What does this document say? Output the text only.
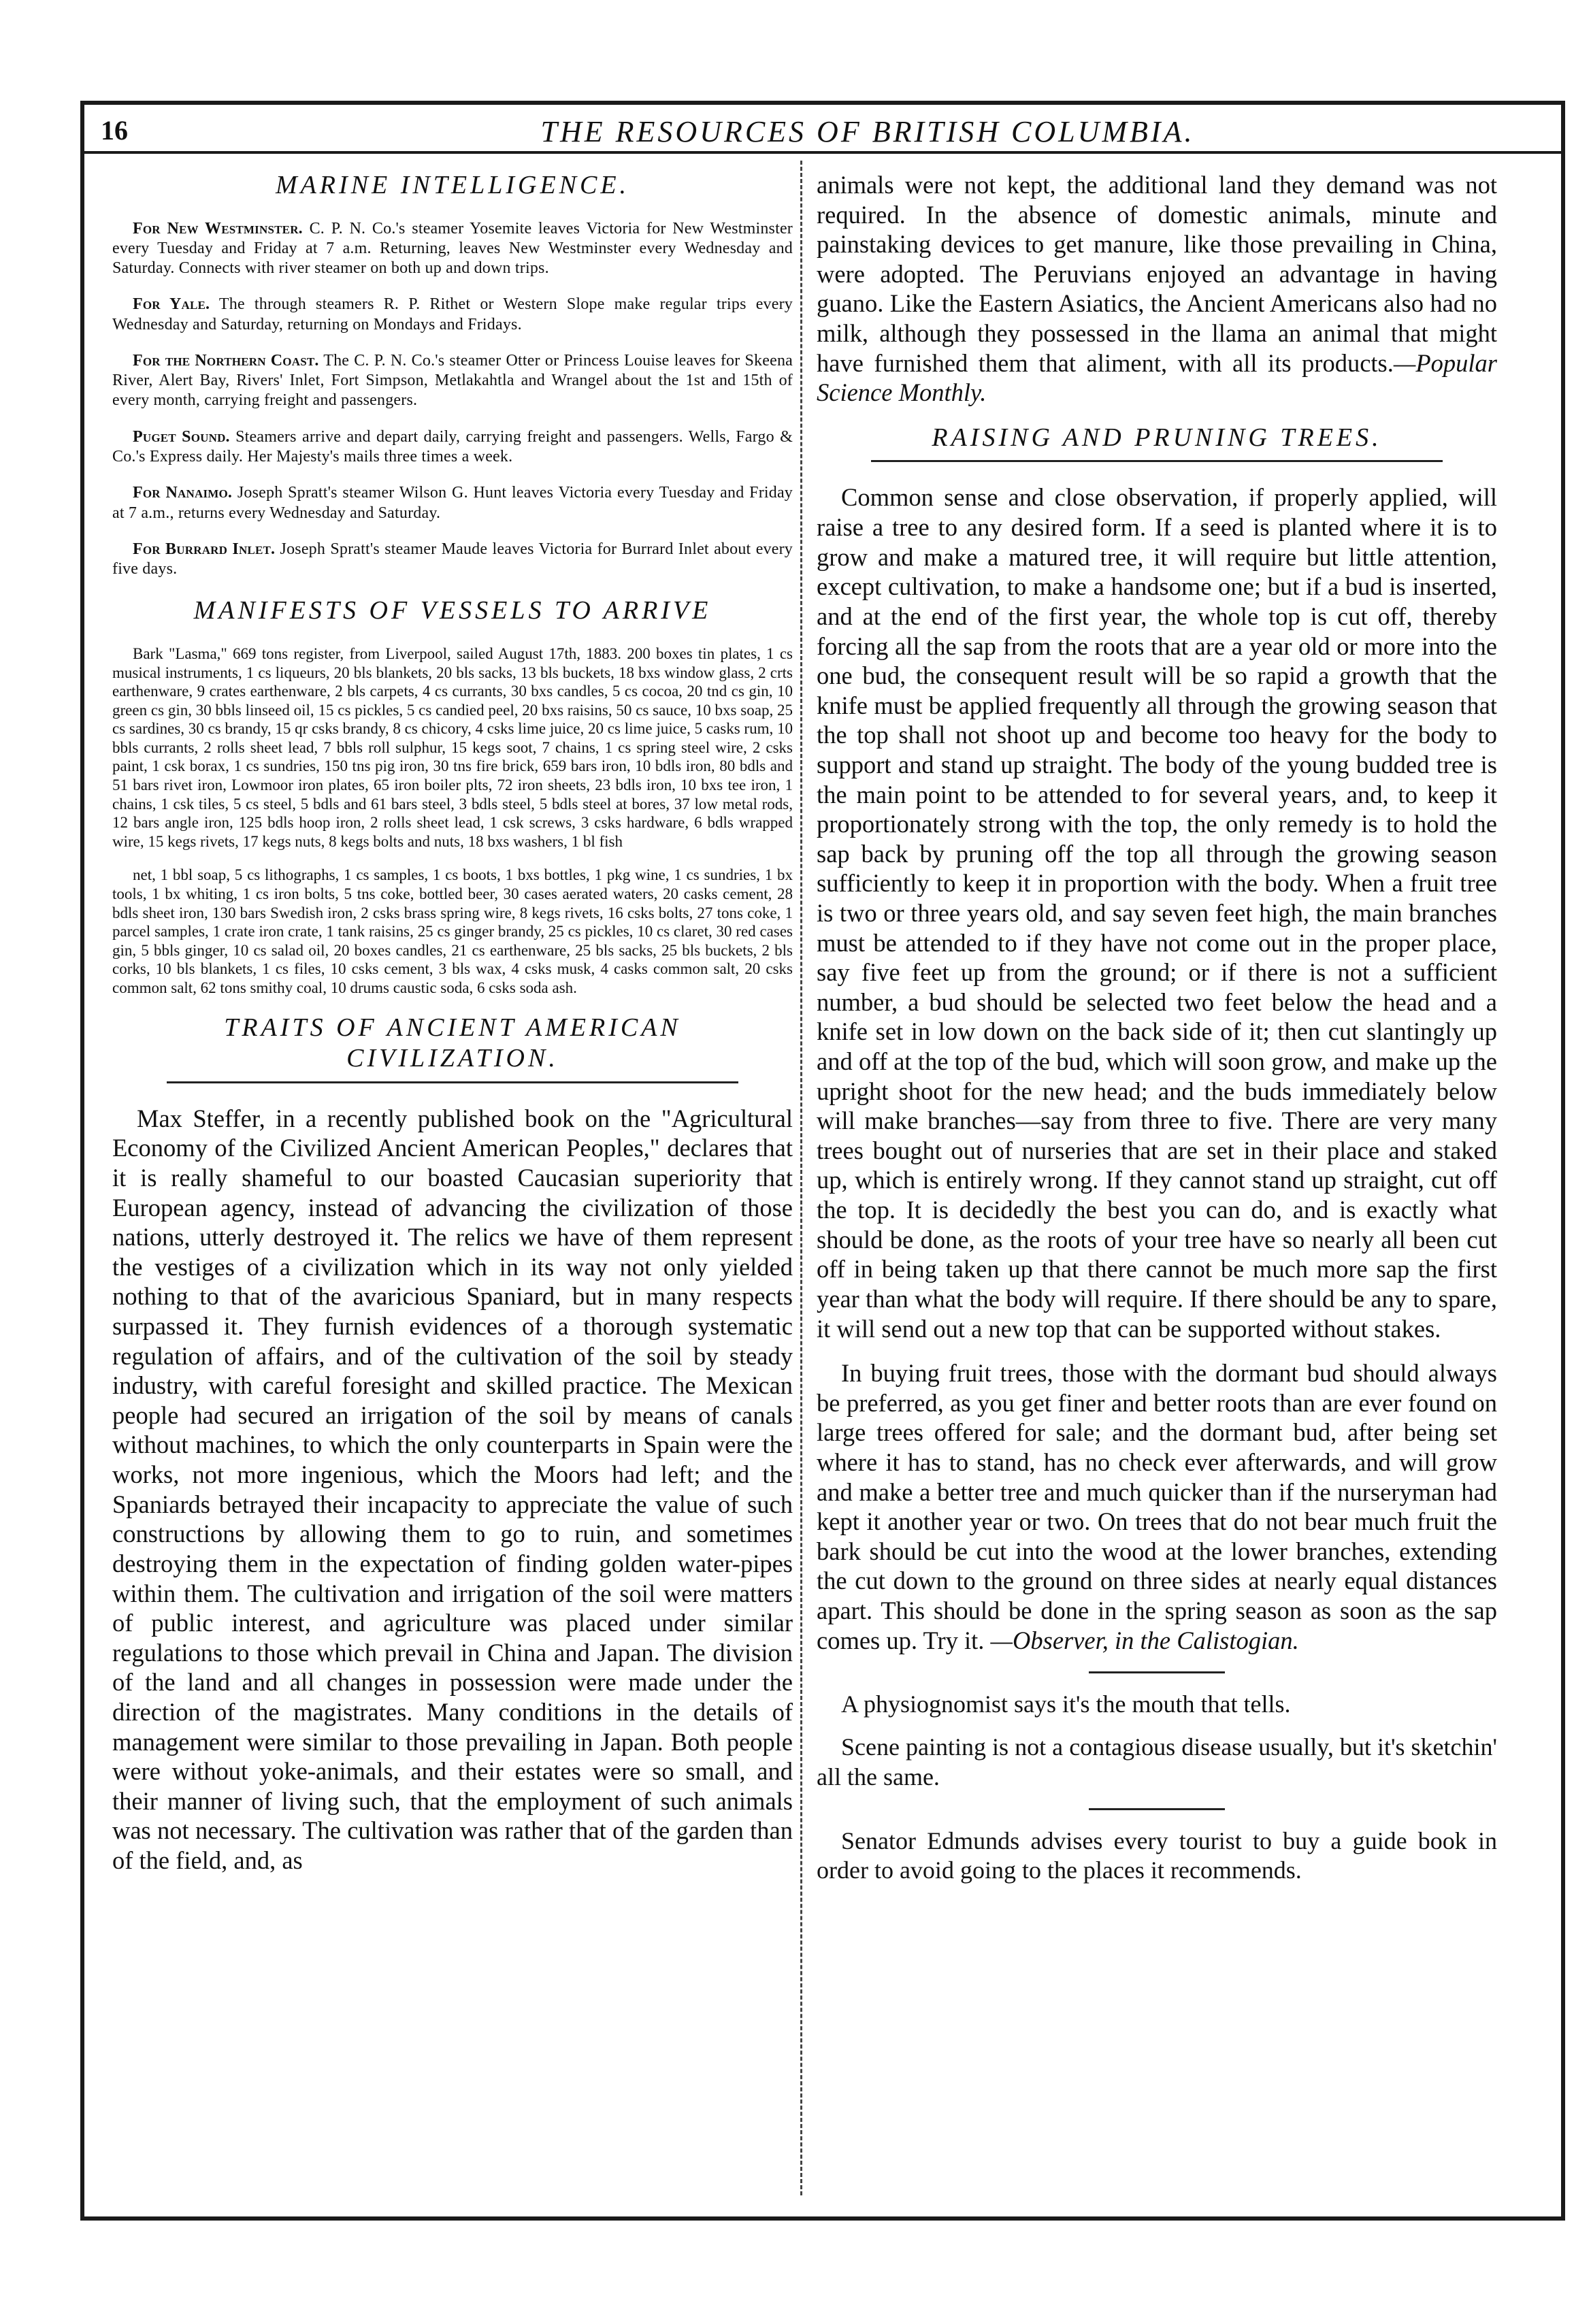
16	THE RESOURCES OF BRITISH COLUMBIA.
MARINE INTELLIGENCE.

For New Westminster. C. P. N. Co.'s steamer Yosemite leaves Victoria for New Westminster every Tuesday and Friday at 7 a.m. Returning, leaves New Westminster every Wednesday and Saturday. Connects with river steamer on both up and down trips.

For Yale. The through steamers R. P. Rithet or Western Slope make regular trips every Wednesday and Saturday, returning on Mondays and Fridays.

For the Northern Coast. The C. P. N. Co.'s steamer Otter or Princess Louise leaves for Skeena River, Alert Bay, Rivers' Inlet, Fort Simpson, Metlakahtla and Wrangel about the 1st and 15th of every month, carrying freight and passengers.

Puget Sound. Steamers arrive and depart daily, carrying freight and passengers. Wells, Fargo & Co.'s Express daily. Her Majesty's mails three times a week.

For Nanaimo. Joseph Spratt's steamer Wilson G. Hunt leaves Victoria every Tuesday and Friday at 7 a.m., returns every Wednesday and Saturday.

For Burrard Inlet. Joseph Spratt's steamer Maude leaves Victoria for Burrard Inlet about every five days.

MANIFESTS OF VESSELS TO ARRIVE

Bark "Lasma," 669 tons register, from Liverpool, sailed August 17th, 1883. 200 boxes tin plates, 1 cs musical instruments, 1 cs liqueurs, 20 bls blankets, 20 bls sacks, 13 bls buckets, 18 bxs window glass, 2 crts earthenware, 9 crates earthenware, 2 bls carpets, 4 cs currants, 30 bxs candles, 5 cs cocoa, 20 tnd cs gin, 10 green cs gin, 30 bbls linseed oil, 15 cs pickles, 5 cs candied peel, 20 bxs raisins, 50 cs sauce, 10 bxs soap, 25 cs sardines, 30 cs brandy, 15 qr csks brandy, 8 cs chicory, 4 csks lime juice, 20 cs lime juice, 5 casks rum, 10 bbls currants, 2 rolls sheet lead, 7 bbls roll sulphur, 15 kegs soot, 7 chains, 1 cs spring steel wire, 2 csks paint, 1 csk borax, 1 cs sundries, 150 tns pig iron, 30 tns fire brick, 659 bars iron, 10 bdls iron, 80 bdls and 51 bars rivet iron, Lowmoor iron plates, 65 iron boiler plts, 72 iron sheets, 23 bdls iron, 10 bxs tee iron, 1 chains, 1 csk tiles, 5 cs steel, 5 bdls and 61 bars steel, 3 bdls steel, 5 bdls steel at bores, 37 low metal rods, 12 bars angle iron, 125 bdls hoop iron, 2 rolls sheet lead, 1 csk screws, 3 csks hardware, 6 bdls wrapped wire, 15 kegs rivets, 17 kegs nuts, 8 kegs bolts and nuts, 18 bxs washers, 1 bl fish

net, 1 bbl soap, 5 cs lithographs, 1 cs samples, 1 cs boots, 1 bxs bottles, 1 pkg wine, 1 cs sundries, 1 bx tools, 1 bx whiting, 1 cs iron bolts, 5 tns coke, bottled beer, 30 cases aerated waters, 20 casks cement, 28 bdls sheet iron, 130 bars Swedish iron, 2 csks brass spring wire, 8 kegs rivets, 16 csks bolts, 27 tons coke, 1 parcel samples, 1 crate iron crate, 1 tank raisins, 25 cs ginger brandy, 25 cs pickles, 10 cs claret, 30 red cases gin, 5 bbls ginger, 10 cs salad oil, 20 boxes candles, 21 cs earthenware, 25 bls sacks, 25 bls buckets, 2 bls corks, 10 bls blankets, 1 cs files, 10 csks cement, 3 bls wax, 4 csks musk, 4 casks common salt, 20 csks common salt, 62 tons smithy coal, 10 drums caustic soda, 6 csks soda ash.

TRAITS OF ANCIENT AMERICAN
CIVILIZATION.

Max Steffer, in a recently published book on the "Agricultural Economy of the Civilized Ancient American Peoples," declares that it is really shameful to our boasted Caucasian superiority that European agency, instead of advancing the civilization of those nations, utterly destroyed it. The relics we have of them represent the vestiges of a civilization which in its way not only yielded nothing to that of the avaricious Spaniard, but in many respects surpassed it. They furnish evidences of a thorough systematic regulation of affairs, and of the cultivation of the soil by steady industry, with careful foresight and skilled practice. The Mexican people had secured an irrigation of the soil by means of canals without machines, to which the only counterparts in Spain were the works, not more ingenious, which the Moors had left; and the Spaniards betrayed their incapacity to appreciate the value of such constructions by allowing them to go to ruin, and sometimes destroying them in the expectation of finding golden water-pipes within them. The cultivation and irrigation of the soil were matters of public interest, and agriculture was placed under similar regulations to those which prevail in China and Japan. The division of the land and all changes in possession were made under the direction of the magistrates. Many conditions in the details of management were similar to those prevailing in Japan. Both people were without yoke-animals, and their estates were so small, and their manner of living such, that the employment of such animals was not necessary. The cultivation was rather that of the garden than of the field, and, as

animals were not kept, the additional land they demand was not required. In the absence of domestic animals, minute and painstaking devices to get manure, like those prevailing in China, were adopted. The Peruvians enjoyed an advantage in having guano. Like the Eastern Asiatics, the Ancient Americans also had no milk, although they possessed in the llama an animal that might have furnished them that aliment, with all its products.—Popular Science Monthly.

RAISING AND PRUNING TREES.

Common sense and close observation, if properly applied, will raise a tree to any desired form. If a seed is planted where it is to grow and make a matured tree, it will require but little attention, except cultivation, to make a handsome one; but if a bud is inserted, and at the end of the first year, the whole top is cut off, thereby forcing all the sap from the roots that are a year old or more into the one bud, the consequent result will be so rapid a growth that the knife must be applied frequently all through the growing season that the top shall not shoot up and become too heavy for the body to support and stand up straight. The body of the young budded tree is the main point to be attended to for several years, and, to keep it proportionately strong with the top, the only remedy is to hold the sap back by pruning off the top all through the growing season sufficiently to keep it in proportion with the body. When a fruit tree is two or three years old, and say seven feet high, the main branches must be attended to if they have not come out in the proper place, say five feet up from the ground; or if there is not a sufficient number, a bud should be selected two feet below the head and a knife set in low down on the back side of it; then cut slantingly up and off at the top of the bud, which will soon grow, and make up the upright shoot for the new head; and the buds immediately below will make branches—say from three to five. There are very many trees bought out of nurseries that are set in their place and staked up, which is entirely wrong. If they cannot stand up straight, cut off the top. It is decidedly the best you can do, and is exactly what should be done, as the roots of your tree have so nearly all been cut off in being taken up that there cannot be much more sap the first year than what the body will require. If there should be any to spare, it will send out a new top that can be supported without stakes.

In buying fruit trees, those with the dormant bud should always be preferred, as you get finer and better roots than are ever found on large trees offered for sale; and the dormant bud, after being set where it has to stand, has no check ever afterwards, and will grow and make a better tree and much quicker than if the nurseryman had kept it another year or two. On trees that do not bear much fruit the bark should be cut into the wood at the lower branches, extending the cut down to the ground on three sides at nearly equal distances apart. This should be done in the spring season as soon as the sap comes up. Try it. —Observer, in the Calistogian.

A physiognomist says it's the mouth that tells.

Scene painting is not a contagious disease usually, but it's sketchin' all the same.

Senator Edmunds advises every tourist to buy a guide book in order to avoid going to the places it recommends.
